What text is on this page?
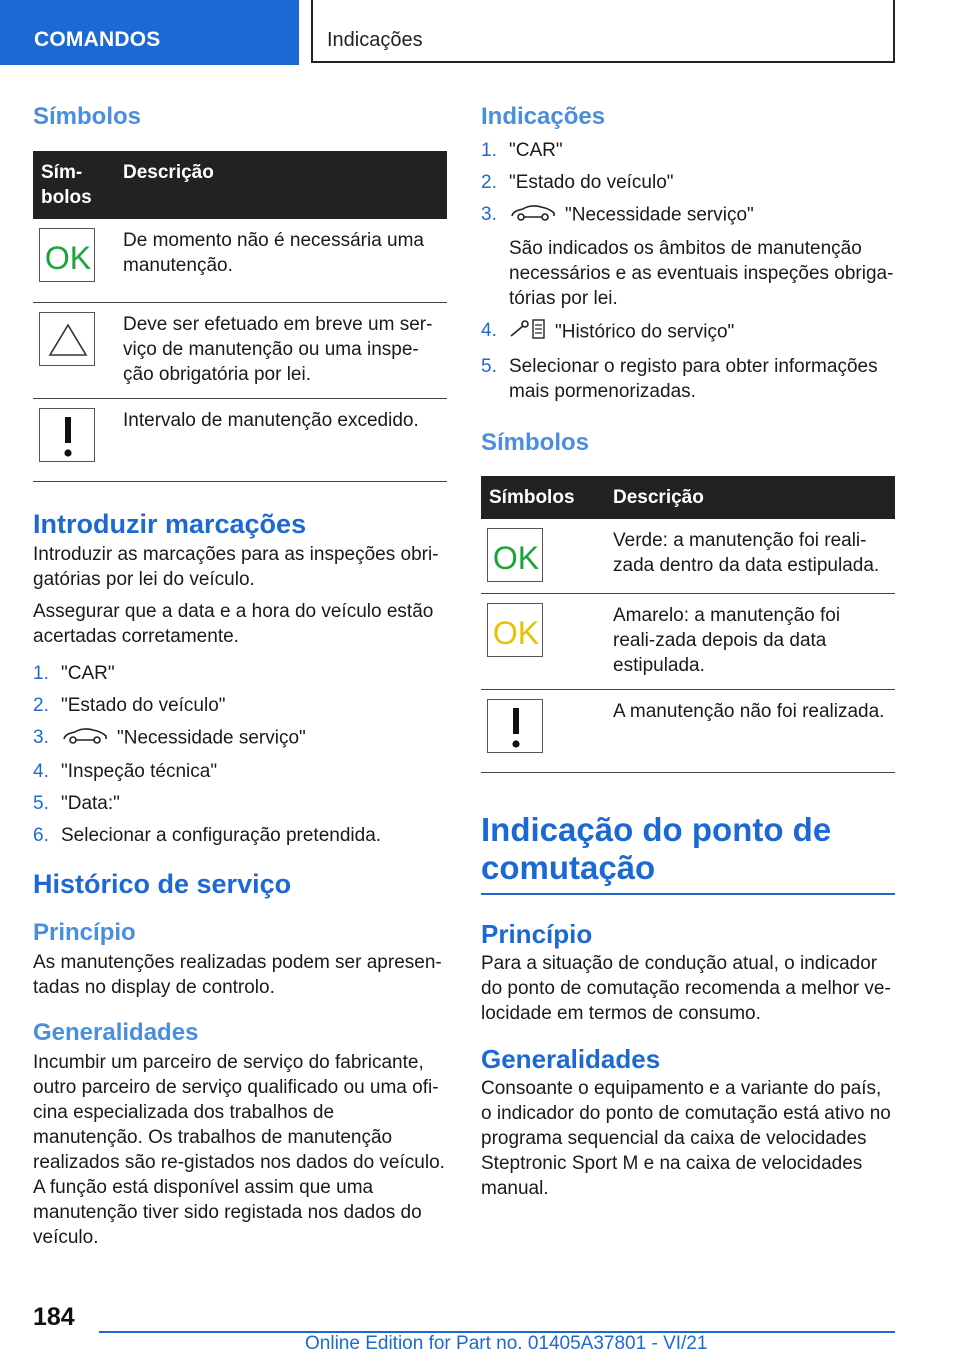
COMANDOS	Indicações
Símbolos
Sím-
bolos	Descrição

OK	De momento não é necessária uma manutenção.

	Deve ser efetuado em breve um ser-viço de manutenção ou uma inspe-ção obrigatória por lei.

	Intervalo de manutenção excedido.
Introduzir marcações

Introduzir as marcações para as inspeções obri-gatórias por lei do veículo.

Assegurar que a data e a hora do veículo estão acertadas corretamente.

1. "CAR"
2. "Estado do veículo"
3.	"Necessidade serviço"
4. "Inspeção técnica"
5. "Data:"
6. Selecionar a configuração pretendida.
Histórico de serviço
Princípio

As manutenções realizadas podem ser apresen-tadas no display de controlo.

Generalidades

Incumbir um parceiro de serviço do fabricante, outro parceiro de serviço qualificado ou uma ofi-cina especializada dos trabalhos de manutenção. Os trabalhos de manutenção realizados são re-gistados nos dados do veículo. A função está disponível assim que uma manutenção tiver sido registada nos dados do veículo.

Indicações
1. "CAR"
2. "Estado do veículo"
3.	"Necessidade serviço"
São indicados os âmbitos de manutenção necessários e as eventuais inspeções obriga-tórias por lei.
4.	"Histórico do serviço"
5. Selecionar o registo para obter informações mais pormenorizadas.
Símbolos
Símbolos	Descrição

OK	Verde: a manutenção foi reali-zada dentro da data estipulada.

OK	Amarelo: a manutenção foi reali-zada depois da data estipulada.

	A manutenção não foi realizada.
Indicação do ponto de comutação
Princípio

Para a situação de condução atual, o indicador do ponto de comutação recomenda a melhor ve-locidade em termos de consumo.

Generalidades

Consoante o equipamento e a variante do país, o indicador do ponto de comutação está ativo no programa sequencial da caixa de velocidades Steptronic Sport M e na caixa de velocidades manual.

184
Online Edition for Part no. 01405A37801 - VI/21
